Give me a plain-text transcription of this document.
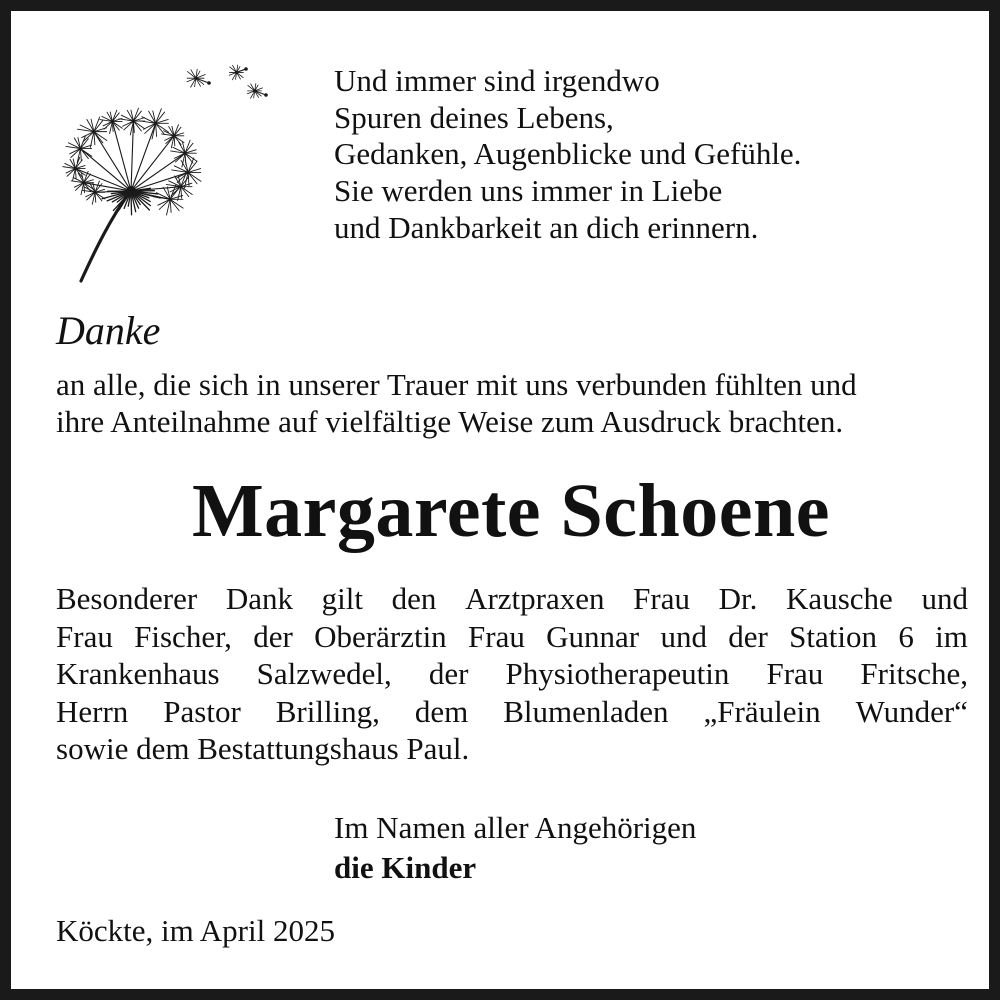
Und immer sind irgendwo
Spuren deines Lebens,
Gedanken, Augenblicke und Gefühle.
Sie werden uns immer in Liebe
und Dankbarkeit an dich erinnern.
Danke
an alle, die sich in unserer Trauer mit uns verbunden fühlten und
ihre Anteilnahme auf vielfältige Weise zum Ausdruck brachten.
Margarete Schoene
Besonderer Dank gilt den Arztpraxen Frau Dr. Kausche und
Frau Fischer, der Oberärztin Frau Gunnar und der Station 6 im
Krankenhaus Salzwedel, der Physiotherapeutin Frau Fritsche,
Herrn Pastor Brilling, dem Blumenladen „Fräulein Wunder“
sowie dem Bestattungshaus Paul.
Im Namen aller Angehörigen
die Kinder
Köckte, im April 2025
